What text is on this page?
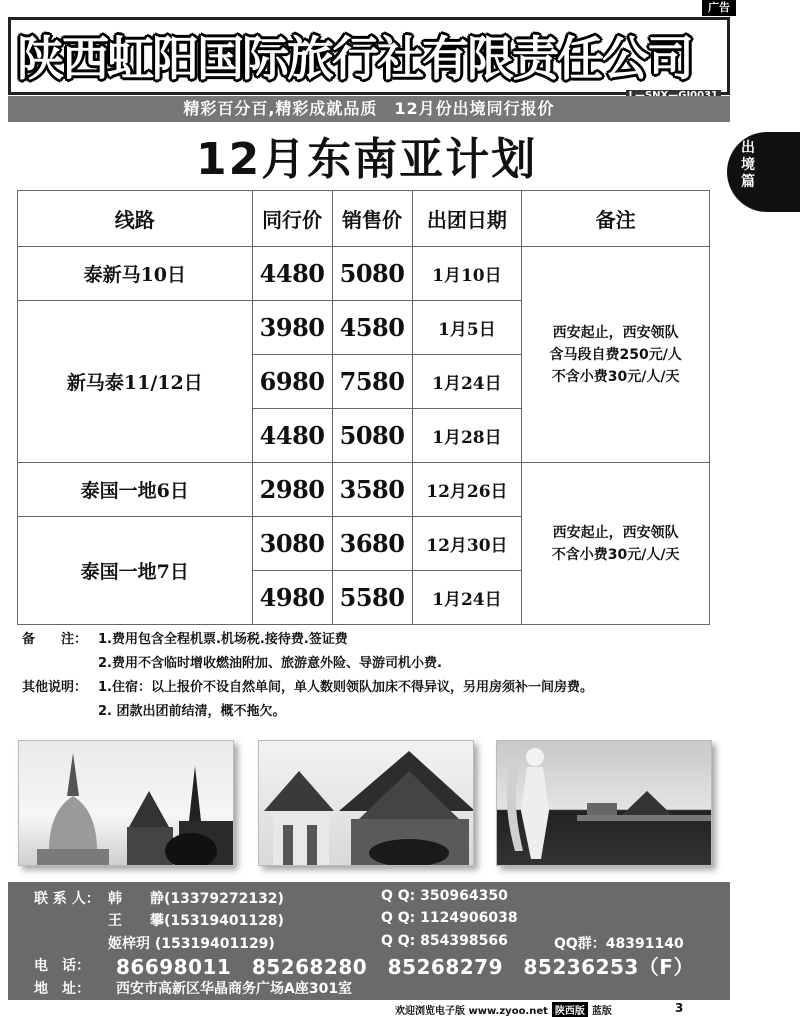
广告
陕西虹阳国际旅行社有限责任公司
精彩百分百,精彩成就品质　12月份出境同行报价
出境篇
12月东南亚计划
线路	同行价	销售价	出团日期	备注
泰新马10日	4480	5080	1月10日	西安起止，西安领队
含马段自费250元/人
不含小费30元/人/天

新马泰11/12日	3980	4580	1月5日	
	6980	7580	1月24日	
	4480	5080	1月28日	
泰国一地6日	2980	3580	12月26日	西安起止，西安领队
不含小费30元/人/天

泰国一地7日	3080	3680	12月30日	
	4980	5580	1月24日	
备　　注： 1.费用包含全程机票.机场税.接待费.签证费
2.费用不含临时增收燃油附加、旅游意外险、导游司机小费.
其他说明： 1.住宿：以上报价不设自然单间，单人数则领队加床不得异议，另用房须补一间房费。
2. 团款出团前结清，概不拖欠。
联 系 人： 韩　　静(13379272132)	Q Q: 350964350
王　　攀(15319401128)	Q Q: 1124906038
姬梓玥 (15319401129)	Q Q: 854398566	QQ群：48391140
电　话： 86698011　85268280　85268279　85236253（F）
地　址： 西安市高新区华晶商务广场A座301室
欢迎浏览电子版 www.zyoo.net 陕西版 蓝版	3
